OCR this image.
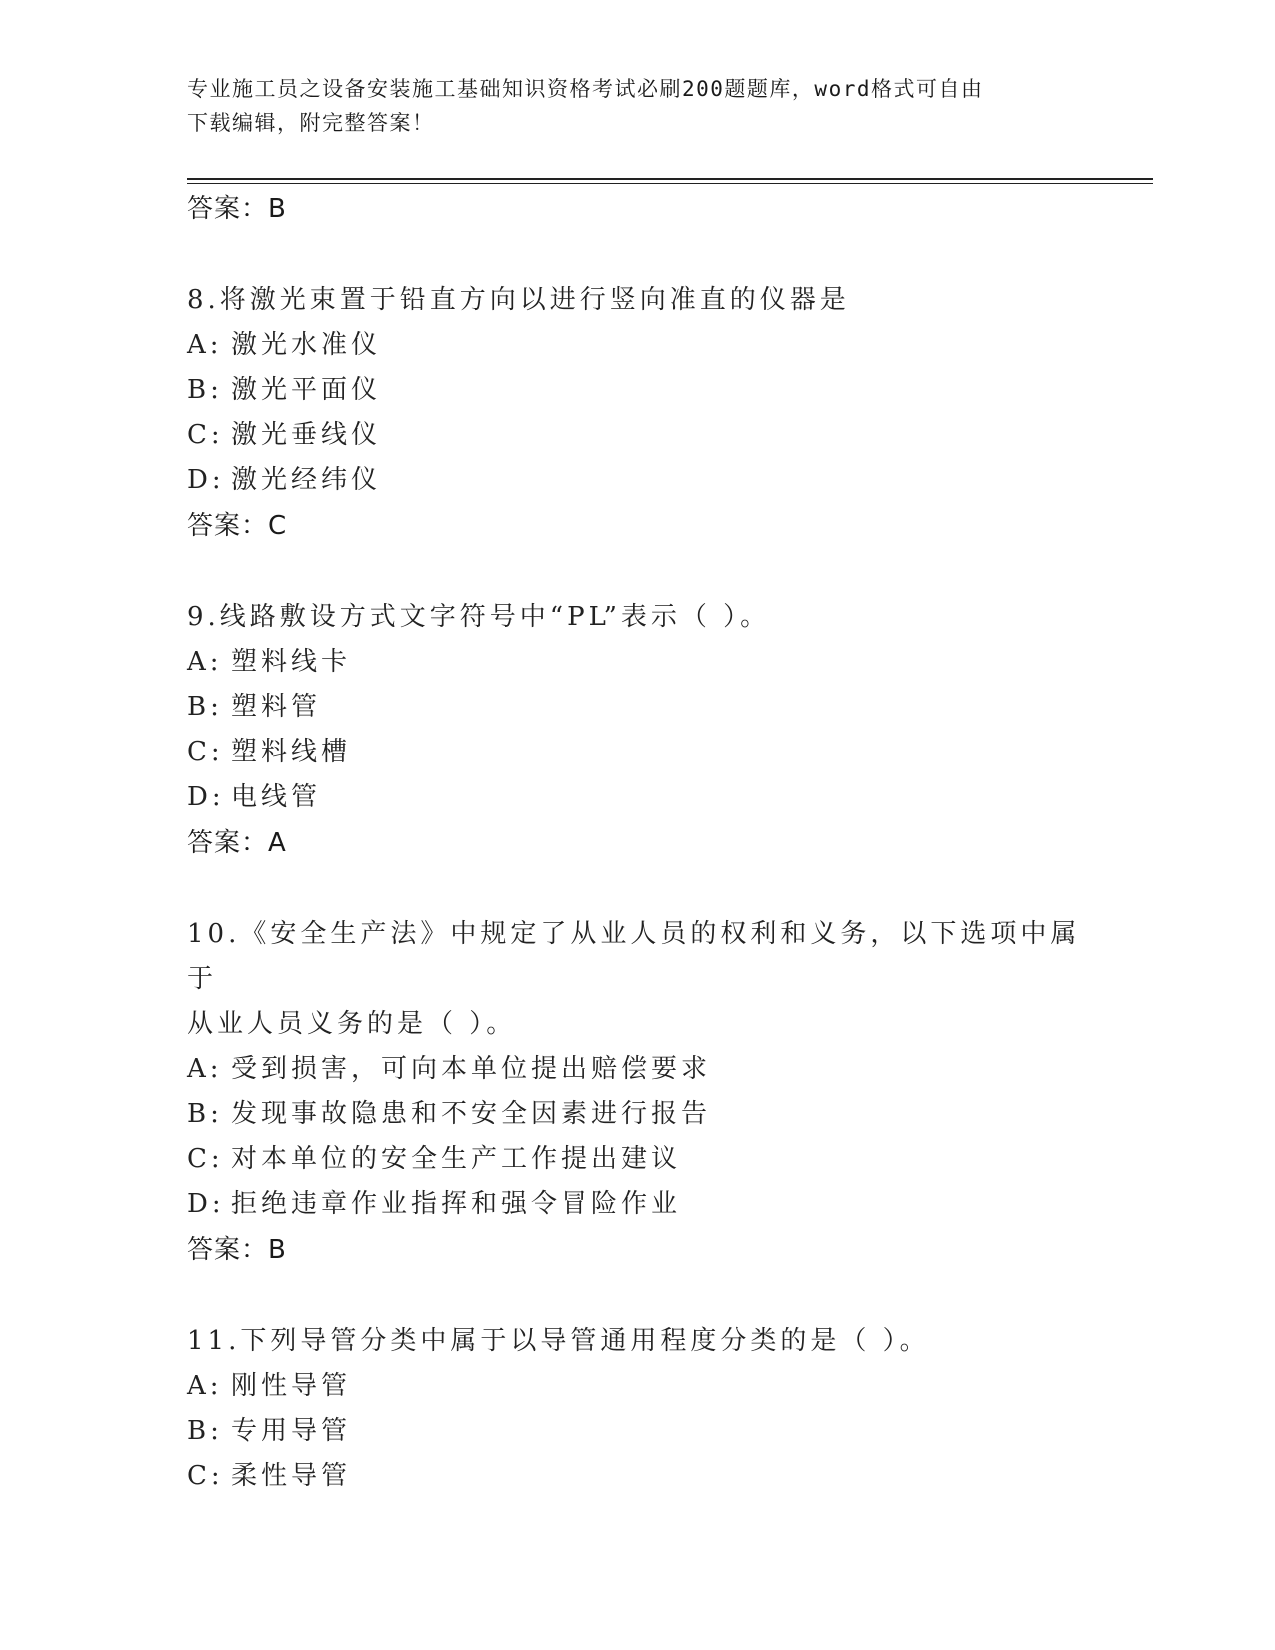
专业施工员之设备安装施工基础知识资格考试必刷200题题库，word格式可自由
下载编辑，附完整答案！
答案：B
8.将激光束置于铅直方向以进行竖向准直的仪器是
A: 激光水准仪
B: 激光平面仪
C: 激光垂线仪
D: 激光经纬仪
答案：C
9.线路敷设方式文字符号中“PL”表示（ ）。
A: 塑料线卡
B: 塑料管
C: 塑料线槽
D: 电线管
答案：A
10.《安全生产法》中规定了从业人员的权利和义务，以下选项中属于
从业人员义务的是（ ）。
A: 受到损害，可向本单位提出赔偿要求
B: 发现事故隐患和不安全因素进行报告
C: 对本单位的安全生产工作提出建议
D: 拒绝违章作业指挥和强令冒险作业
答案：B
11.下列导管分类中属于以导管通用程度分类的是（ ）。
A: 刚性导管
B: 专用导管
C: 柔性导管
